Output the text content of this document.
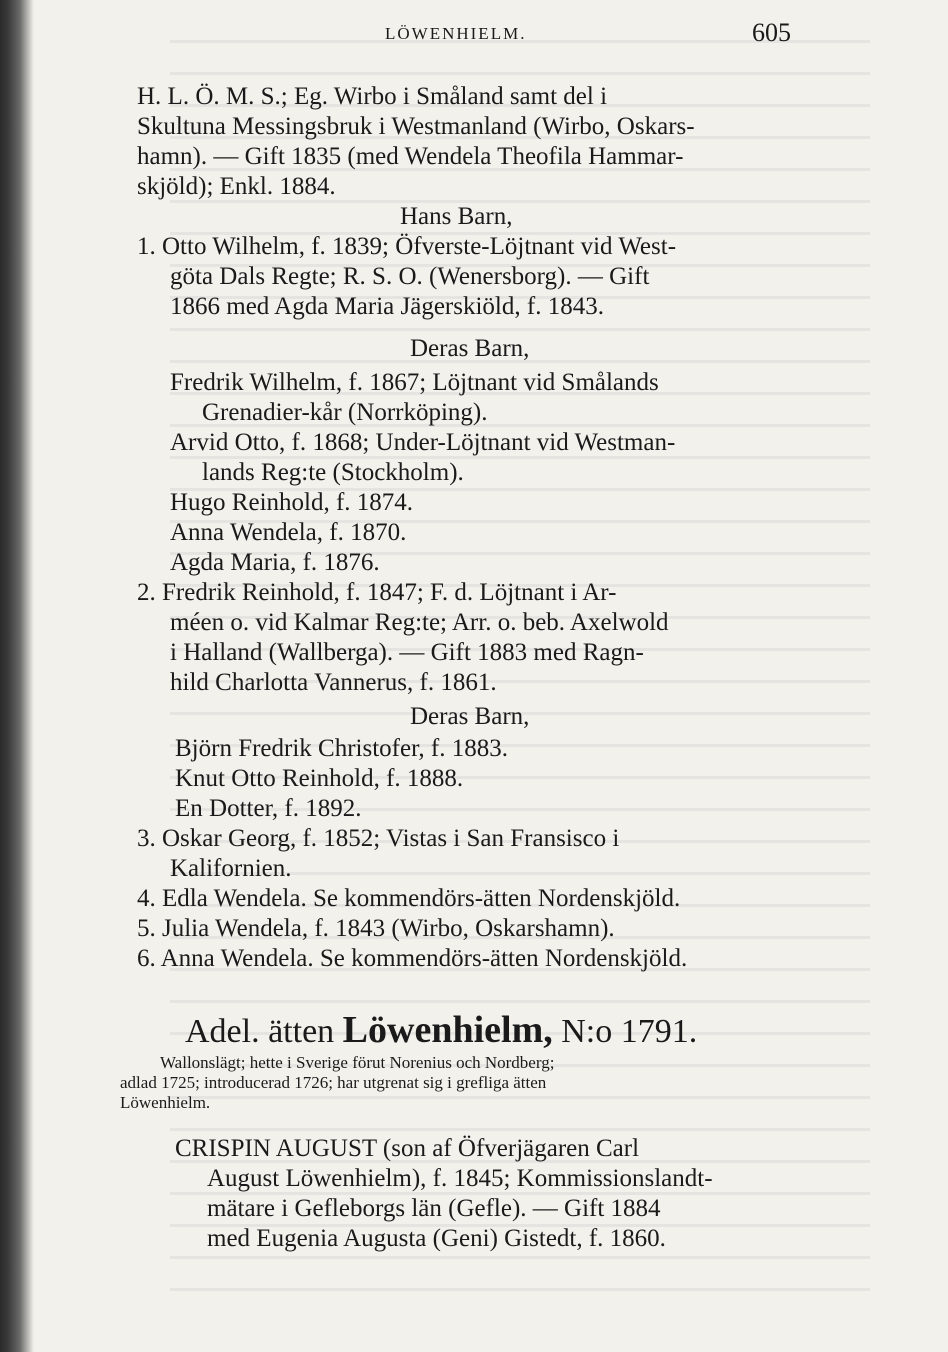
LÖWENHIELM.	605
H. L. Ö. M. S.; Eg. Wirbo i Småland samt del i
Skultuna Messingsbruk i Westmanland (Wirbo, Oskars-
hamn). — Gift 1835 (med Wendela Theofila Hammar-
skjöld); Enkl. 1884.
Hans Barn,
1. Otto Wilhelm, f. 1839; Öfverste-Löjtnant vid West-
göta Dals Regte; R. S. O. (Wenersborg). — Gift
1866 med Agda Maria Jägerskiöld, f. 1843.
Deras Barn,
Fredrik Wilhelm, f. 1867; Löjtnant vid Smålands
Grenadier-kår (Norrköping).
Arvid Otto, f. 1868; Under-Löjtnant vid Westman-
lands Reg:te (Stockholm).
Hugo Reinhold, f. 1874.
Anna Wendela, f. 1870.
Agda Maria, f. 1876.
2. Fredrik Reinhold, f. 1847; F. d. Löjtnant i Ar-
méen o. vid Kalmar Reg:te; Arr. o. beb. Axelwold
i Halland (Wallberga). — Gift 1883 med Ragn-
hild Charlotta Vannerus, f. 1861.
Deras Barn,
Björn Fredrik Christofer, f. 1883.
Knut Otto Reinhold, f. 1888.
En Dotter, f. 1892.
3. Oskar Georg, f. 1852; Vistas i San Fransisco i
Kalifornien.
4. Edla Wendela. Se kommendörs-ätten Nordenskjöld.
5. Julia Wendela, f. 1843 (Wirbo, Oskarshamn).
6. Anna Wendela. Se kommendörs-ätten Nordenskjöld.
Adel. ätten Löwenhielm, N:o 1791.
Wallonslägt; hette i Sverige förut Norenius och Nordberg;
adlad 1725; introducerad 1726; har utgrenat sig i grefliga ätten
Löwenhielm.
CRISPIN AUGUST (son af Öfverjägaren Carl
August Löwenhielm), f. 1845; Kommissionslandt-
mätare i Gefleborgs län (Gefle). — Gift 1884
med Eugenia Augusta (Geni) Gistedt, f. 1860.
